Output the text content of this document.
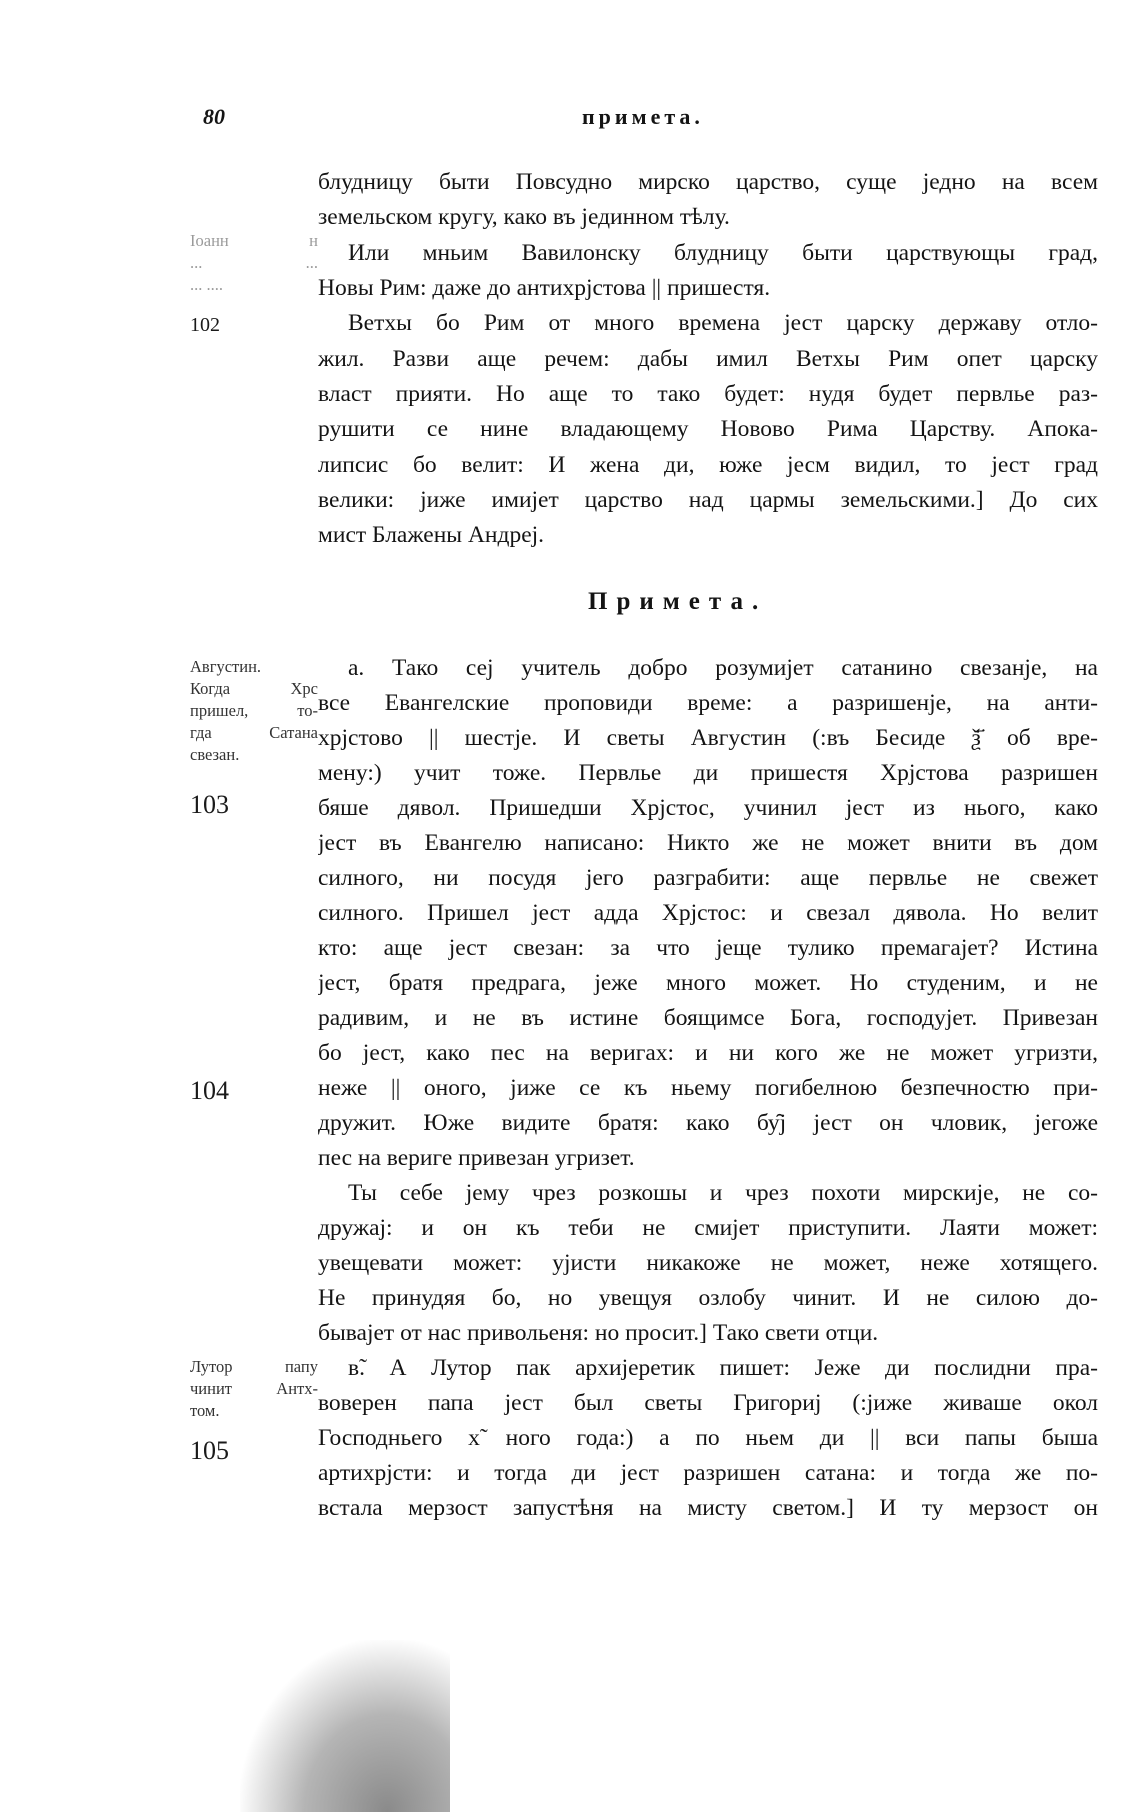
80	примета.
Іоанн н
... ...
... ....
102
блудницу быти Повсудно мирско царство, суще једно на всем
земельском кругу, како въ јединном тѣлу.
Или мньим Вавилонску блудницу быти царствующы град,
Новы Рим: даже до антихрјстова || пришестя.
Ветхы бо Рим от много времена јест царску державу отло-
жил. Разви аще речем: дабы имил Ветхы Рим опет царску
власт прияти. Но аще то тако будет: нудя будет первлье раз-
рушити се нине владающему Новово Рима Царству. Апока-
липсис бо велит: И жена ди, юже јесм видил, то јест град
велики: јиже имијет царство над цармы земельскими.] До сих
мист Блажены Андреј.
Примета.
Августин.
Когда Хрс
пришел, то-
гда Сатана
свезан.
103
104
Лутор папу
чинит Антх-
том.
105
а. Тако сеј учитель добро розумијет сатанино свезанје, на
все Евангелские проповиди време: а разришенје, на анти-
хрјстово || шестје. И светы Августин (:въ Бесиде ѯ҃ об вре-
мену:) учит тоже. Первлье ди пришестя Хрјстова разришен
бяше дявол. Пришедши Хрјстос, учинил јест из нього, како
јест въ Евангелю написано: Никто же не может внити въ дом
силного, ни посудя јего разграбити: аще первлье не свежет
силного. Пришел јест адда Хрјстос: и свезал дявола. Но велит
кто: аще јест свезан: за что јеще тулико премагајет? Истина
јест, братя предрага, јеже много может. Но студеним, и не
радивим, и не въ истине боящимсе Бога, господујет. Привезан
бо јест, како пес на веригах: и ни кого же не может угризти,
неже || оного, јиже се къ ньему погибелною безпечностю при-
дружит. Юже видите братя: како бу̑ј јест он чловик, јегоже
пес на вериге привезан угризет.
Ты себе јему чрез розкошы и чрез похоти мирскије, не со-
дружај: и он къ теби не смијет приступити. Лаяти может:
увещевати может: ујисти никакоже не может, неже хотящего.
Не принудяя бо, но увещуя озлобу чинит. И не силою до-
бывајет от нас привольеня: но просит.] Тако свети отци.
в̃. А Лутор пак архијеретик пишет: Јеже ди послидни пра-
воверен папа јест был светы Григориј (:јиже живаше окол
Господньего х̃ ного года:) а по ньем ди || вси папы быша
артихрјсти: и тогда ди јест разришен сатана: и тогда же по-
встала мерзост запустѣня на мисту светом.] И ту мерзост он
